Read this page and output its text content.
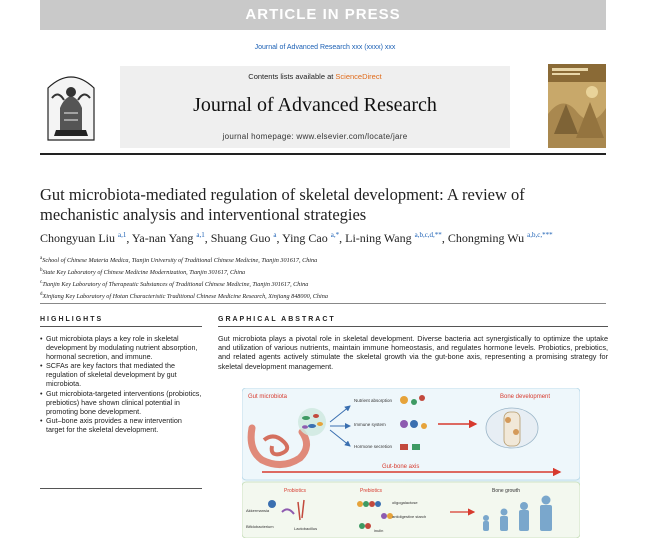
ARTICLE IN PRESS
Journal of Advanced Research xxx (xxxx) xxx
Contents lists available at ScienceDirect
Journal of Advanced Research
journal homepage: www.elsevier.com/locate/jare
Gut microbiota-mediated regulation of skeletal development: A review of mechanistic analysis and interventional strategies
Chongyuan Liu $^{a,1}$, Ya-nan Yang $^{a,1}$, Shuang Guo $^a$, Ying Cao $^{a,*}$, Li-ning Wang $^{a,b,c,d,**}$, Chongming Wu $^{a,b,c,***}$
$^a$School of Chinese Materia Medica, Tianjin University of Traditional Chinese Medicine, Tianjin 301617, China
$^b$State Key Laboratory of Chinese Medicine Modernization, Tianjin 301617, China
$^c$Tianjin Key Laboratory of Therapeutic Substances of Traditional Chinese Medicine, Tianjin 301617, China
$^d$Xinjiang Key Laboratory of Hotan Characteristic Traditional Chinese Medicine Research, Xinjiang 848000, China
HIGHLIGHTS
• Gut microbiota plays a key role in skeletal development by modulating nutrient absorption, hormonal secretion, and immune.
• SCFAs are key factors that mediated the regulation of skeletal development by gut microbiota.
• Gut microbiota-targeted interventions (probiotics, prebiotics) have shown clinical potential in promoting bone development.
• Gut–bone axis provides a new intervention target for the skeletal development.
GRAPHICAL ABSTRACT
Gut microbiota plays a pivotal role in skeletal development. Diverse bacteria act synergistically to optimize the uptake and utilization of various nutrients, maintain immune homeostasis, and regulates hormone levels. Probiotics, prebiotics, and related agents actively stimulate the skeletal growth via the gut-bone axis, representing a promising strategy for skeletal development management.
Gut microbiota
Nutrient absorption
Immune system
Hormone secretion
Bone development
Gut-bone axis
Probiotics	Prebiotics	Bone growth
Akkermansia
Bifidobacterium	Lactobacillus
oligogalactose
antidigestive starch
inulin
